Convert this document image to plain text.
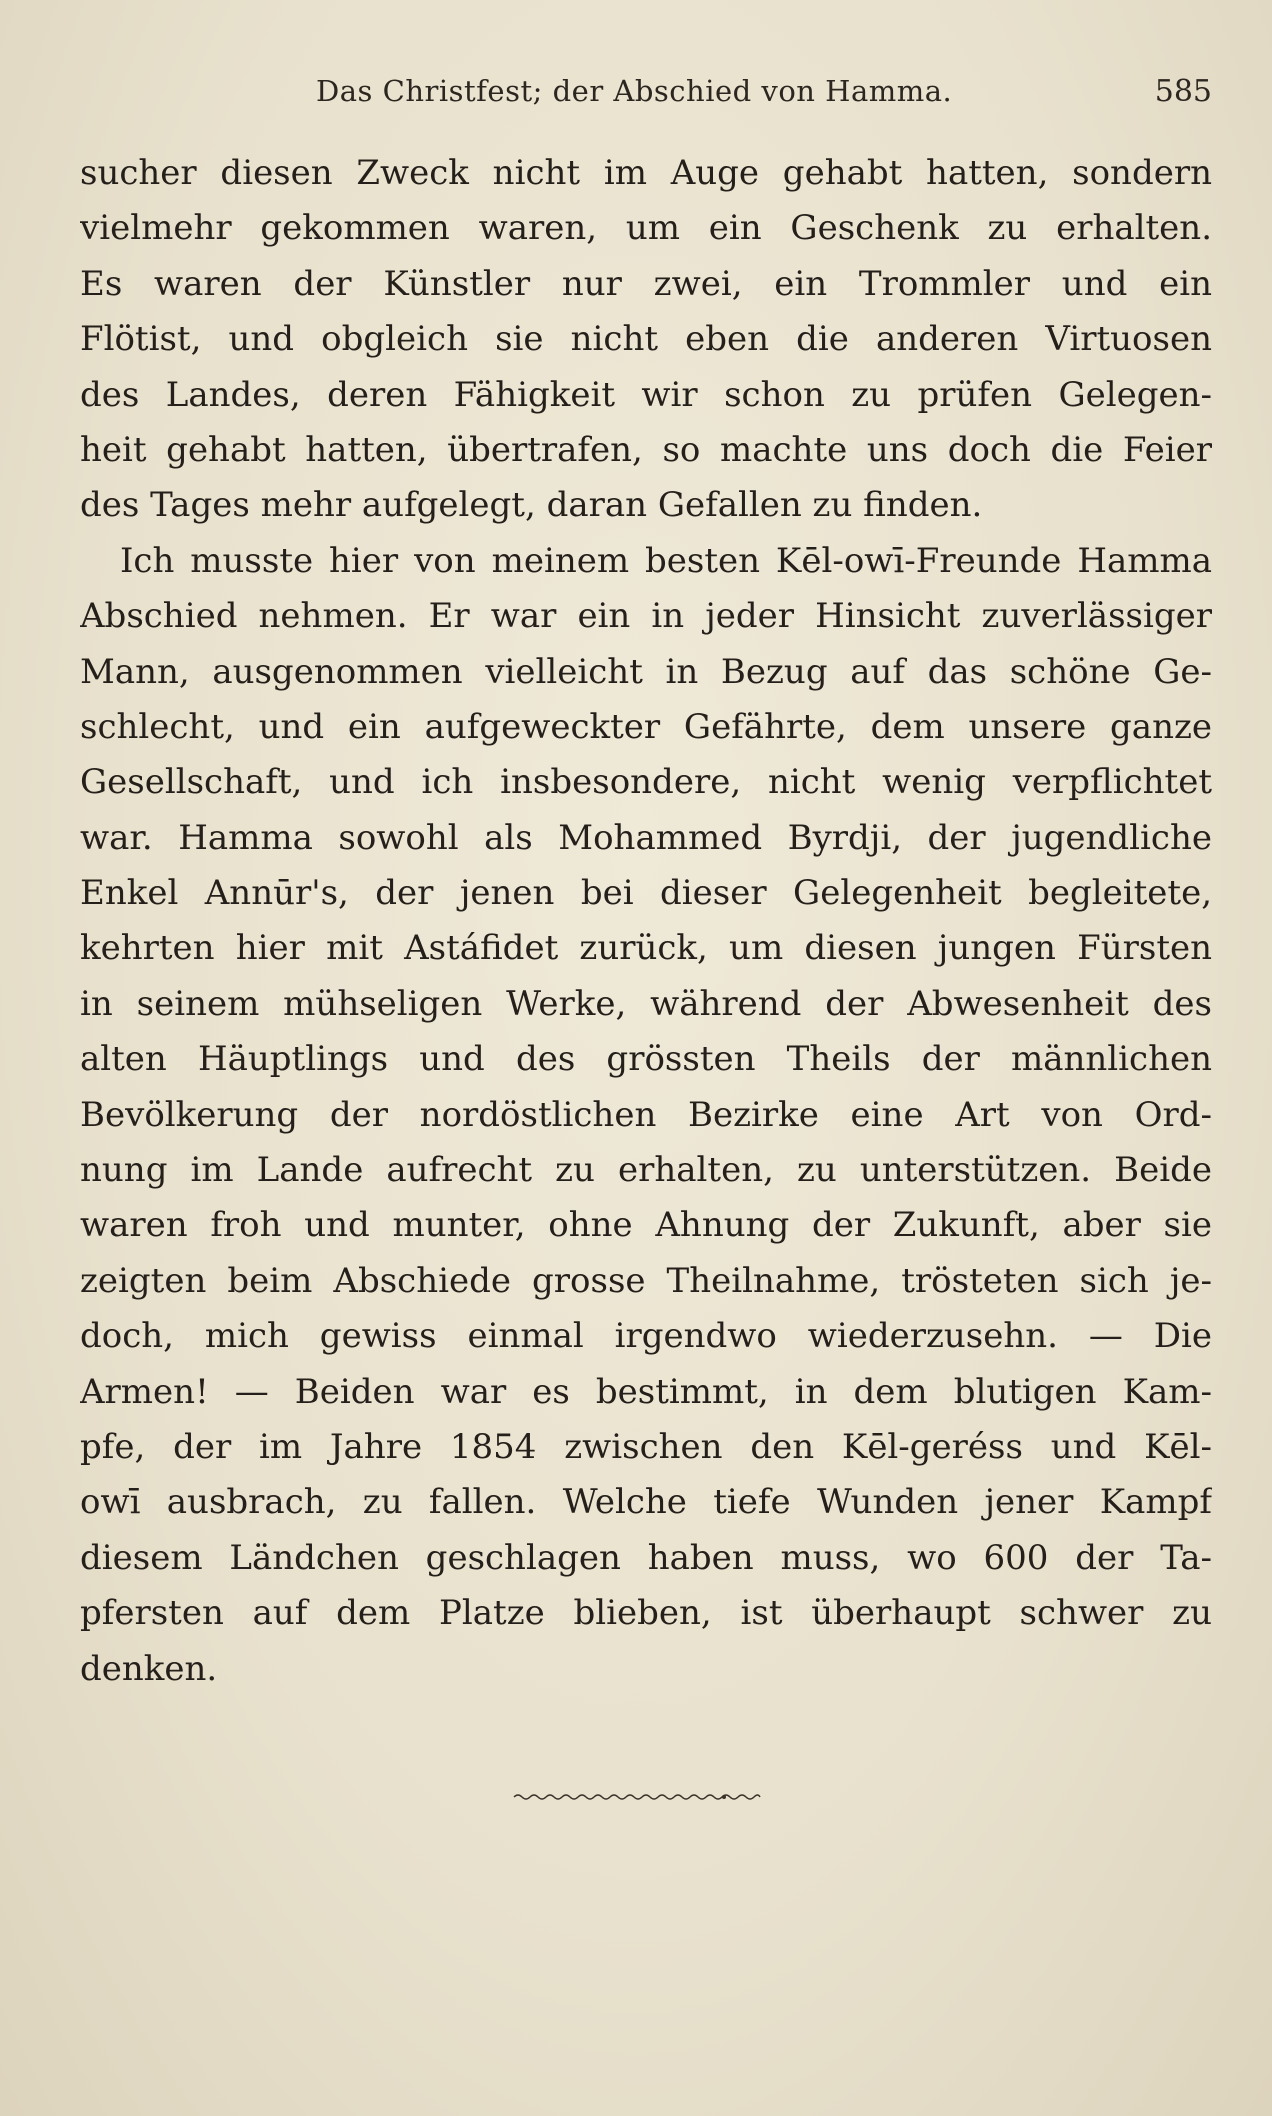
Das Christfest; der Abschied von Hamma.	585
sucher diesen Zweck nicht im Auge gehabt hatten, sondern
vielmehr gekommen waren, um ein Geschenk zu erhalten.
Es waren der Künstler nur zwei, ein Trommler und ein
Flötist, und obgleich sie nicht eben die anderen Virtuosen
des Landes, deren Fähigkeit wir schon zu prüfen Gelegen-
heit gehabt hatten, übertrafen, so machte uns doch die Feier
des Tages mehr aufgelegt, daran Gefallen zu finden.
Ich musste hier von meinem besten Kēl-owī-Freunde Hamma
Abschied nehmen. Er war ein in jeder Hinsicht zuverlässiger
Mann, ausgenommen vielleicht in Bezug auf das schöne Ge-
schlecht, und ein aufgeweckter Gefährte, dem unsere ganze
Gesellschaft, und ich insbesondere, nicht wenig verpflichtet
war. Hamma sowohl als Mohammed Byrdji, der jugendliche
Enkel Annūr's, der jenen bei dieser Gelegenheit begleitete,
kehrten hier mit Astáfidet zurück, um diesen jungen Fürsten
in seinem mühseligen Werke, während der Abwesenheit des
alten Häuptlings und des grössten Theils der männlichen
Bevölkerung der nordöstlichen Bezirke eine Art von Ord-
nung im Lande aufrecht zu erhalten, zu unterstützen. Beide
waren froh und munter, ohne Ahnung der Zukunft, aber sie
zeigten beim Abschiede grosse Theilnahme, trösteten sich je-
doch, mich gewiss einmal irgendwo wiederzusehn. — Die
Armen! — Beiden war es bestimmt, in dem blutigen Kam-
pfe, der im Jahre 1854 zwischen den Kēl-geréss und Kēl-
owī ausbrach, zu fallen. Welche tiefe Wunden jener Kampf
diesem Ländchen geschlagen haben muss, wo 600 der Ta-
pfersten auf dem Platze blieben, ist überhaupt schwer zu
denken.
